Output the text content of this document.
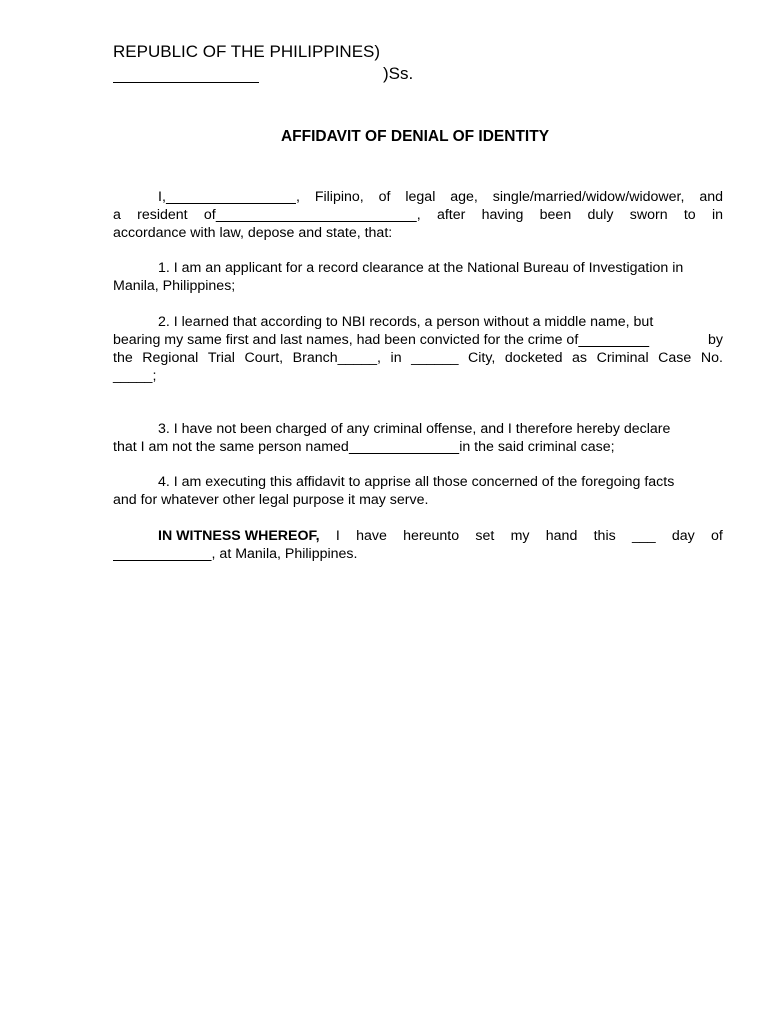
REPUBLIC OF THE PHILIPPINES)
)Ss.
AFFIDAVIT OF DENIAL OF IDENTITY
I,	, Filipino, of legal age, single/married/widow/widower, and
a resident of	, after having been duly sworn to in
accordance with law, depose and state, that:
1. I am an applicant for a record clearance at the National Bureau of Investigation in
Manila, Philippines;
2. I learned that according to NBI records, a person without a middle name, but
bearing my same first and last names, had been convicted for the crime of	by
the Regional Trial Court, Branch_____, in ______ City, docketed as Criminal Case No.
_____ ;
3. I have not been charged of any criminal offense, and I therefore hereby declare
that I am not the same person named
	in the said criminal case;
4. I am executing this affidavit to apprise all those concerned of the foregoing facts
and for whatever other legal purpose it may serve.
IN WITNESS WHEREOF, I have hereunto set my hand this ___ day of

, at Manila, Philippines.
